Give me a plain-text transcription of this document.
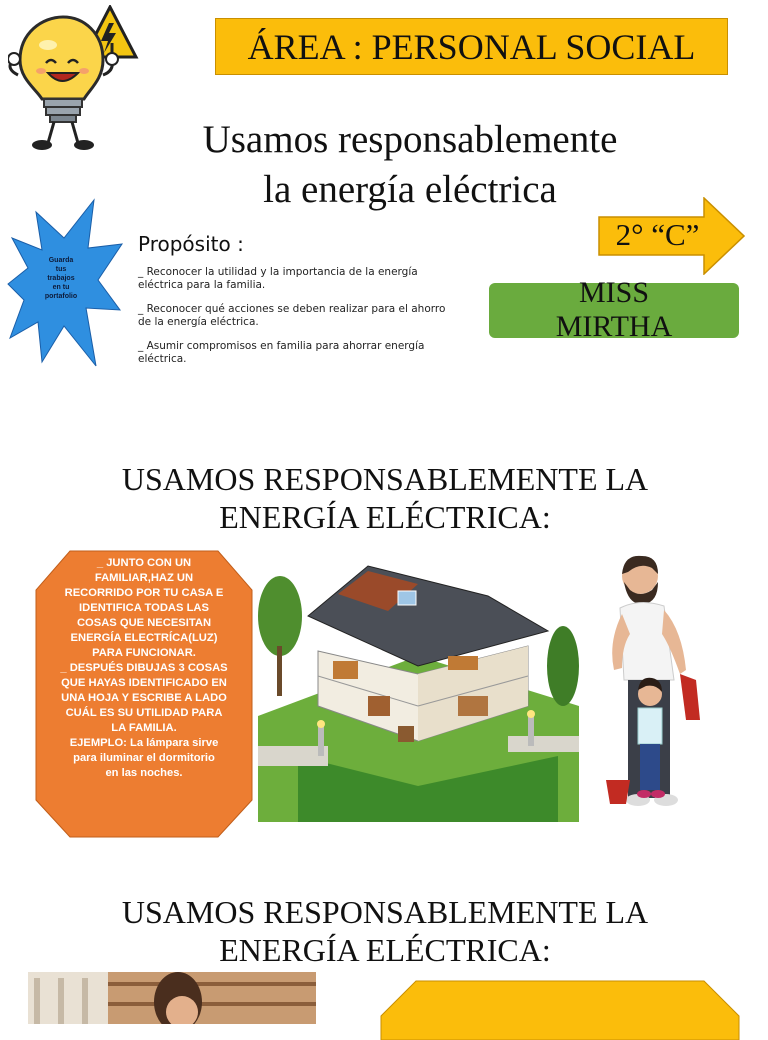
ÁREA : PERSONAL SOCIAL
Usamos responsablemente
la energía eléctrica
Guarda
tus
trabajos
en tu
portafolio
Propósito :
_ Reconocer la utilidad y la importancia de la energía eléctrica para la familia.
_ Reconocer qué acciones se deben realizar para el ahorro de la energía eléctrica.
_ Asumir compromisos en familia para ahorrar energía eléctrica.
2° “C”
MISS
MIRTHA
USAMOS RESPONSABLEMENTE LA
ENERGÍA ELÉCTRICA:
_ JUNTO CON UN
FAMILIAR,HAZ UN
RECORRIDO POR TU CASA E
IDENTIFICA TODAS LAS
COSAS QUE NECESITAN
ENERGÍA ELECTRÍCA(LUZ)
PARA FUNCIONAR.
_ DESPUÉS DIBUJAS 3 COSAS
QUE HAYAS IDENTIFICADO EN
UNA HOJA Y ESCRIBE A LADO
CUÁL ES SU UTILIDAD PARA
LA FAMILIA.
EJEMPLO: La lámpara sirve
para iluminar el dormitorio
en las noches.
USAMOS RESPONSABLEMENTE LA
ENERGÍA ELÉCTRICA:
